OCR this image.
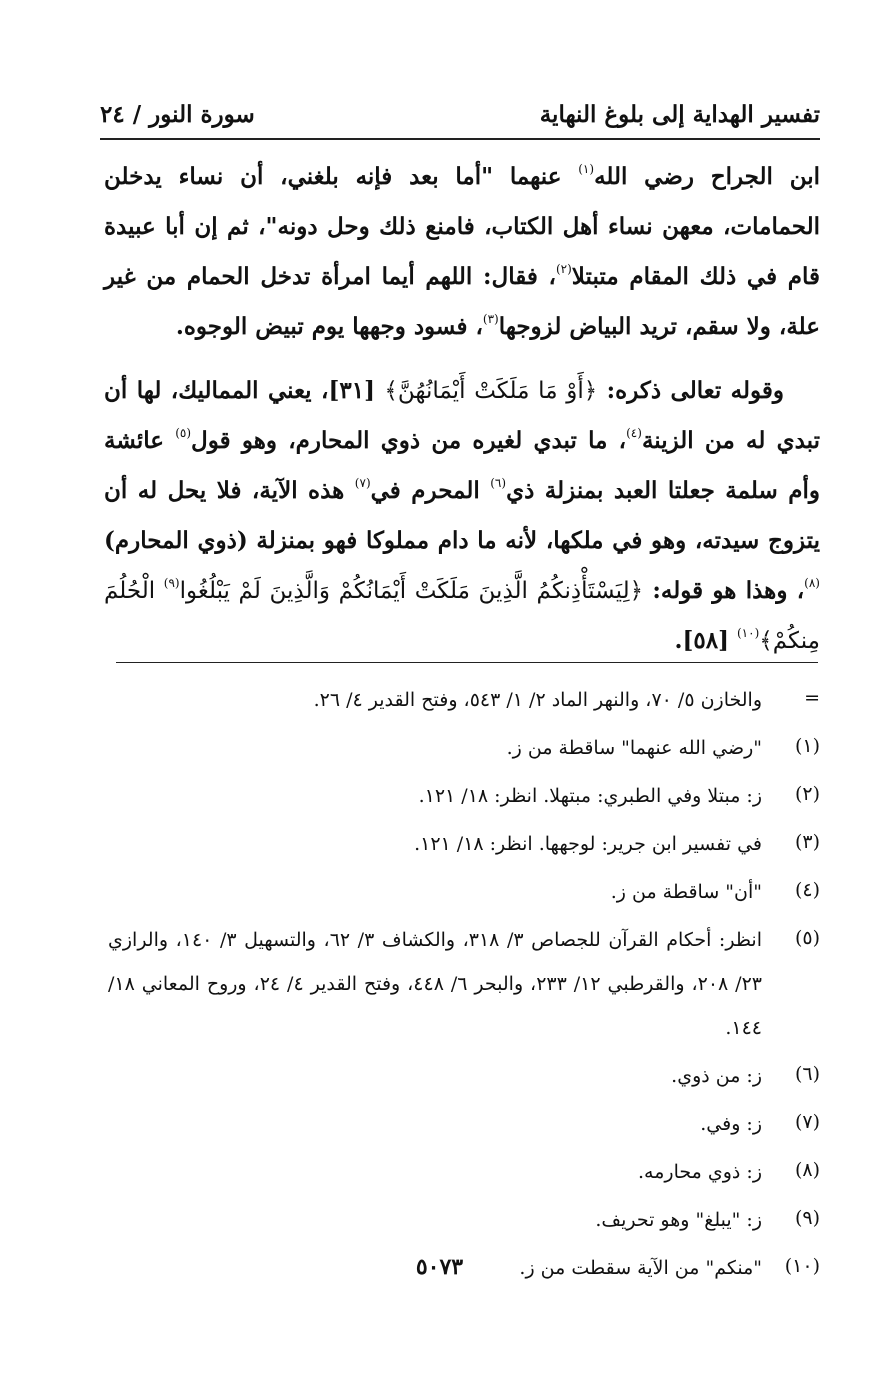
تفسير الهداية إلى بلوغ النهاية
سورة النور / ٢٤

ابن الجراح رضي الله$^{(١)}$ عنهما "أما بعد فإنه بلغني، أن نساء يدخلن الحمامات، معهن نساء أهل الكتاب، فامنع ذلك وحل دونه"، ثم إن أبا عبيدة قام في ذلك المقام متبتلا$^{(٢)}$، فقال: اللهم أيما امرأة تدخل الحمام من غير علة، ولا سقم، تريد البياض لزوجها$^{(٣)}$، فسود وجهها يوم تبيض الوجوه.

وقوله تعالى ذكره: ﴿أَوْ مَا مَلَكَتْ أَيْمَانُهُنَّ﴾ [٣١]، يعني المماليك، لها أن تبدي له من الزينة$^{(٤)}$، ما تبدي لغيره من ذوي المحارم، وهو قول$^{(٥)}$ عائشة وأم سلمة جعلتا العبد بمنزلة ذي$^{(٦)}$ المحرم في$^{(٧)}$ هذه الآية، فلا يحل له أن يتزوج سيدته، وهو في ملكها، لأنه ما دام مملوكا فهو بمنزلة (ذوي المحارم)$^{(٨)}$، وهذا هو قوله: ﴿لِيَسْتَأْذِنكُمُ الَّذِينَ مَلَكَتْ أَيْمَانُكُمْ وَالَّذِينَ لَمْ يَبْلُغُوا$^{(٩)}$ الْحُلُمَ مِنكُمْ﴾$^{(١٠)}$ [٥٨].

=
والخازن ٥/ ٧٠، والنهر الماد ٢/ ١/ ٥٤٣، وفتح القدير ٤/ ٢٦.
(١)
"رضي الله عنهما" ساقطة من ز.
(٢)
ز: مبتلا وفي الطبري: مبتهلا. انظر: ١٨/ ١٢١.
(٣)
في تفسير ابن جرير: لوجهها. انظر: ١٨/ ١٢١.
(٤)
"أن" ساقطة من ز.
(٥)
انظر: أحكام القرآن للجصاص ٣/ ٣١٨، والكشاف ٣/ ٦٢، والتسهيل ٣/ ١٤٠، والرازي ٢٣/ ٢٠٨، والقرطبي ١٢/ ٢٣٣، والبحر ٦/ ٤٤٨، وفتح القدير ٤/ ٢٤، وروح المعاني ١٨/ ١٤٤.
(٦)
ز: من ذوي.
(٧)
ز: وفي.
(٨)
ز: ذوي محارمه.
(٩)
ز: "يبلغ" وهو تحريف.
(١٠)
"منكم" من الآية سقطت من ز.
٥٠٧٣
